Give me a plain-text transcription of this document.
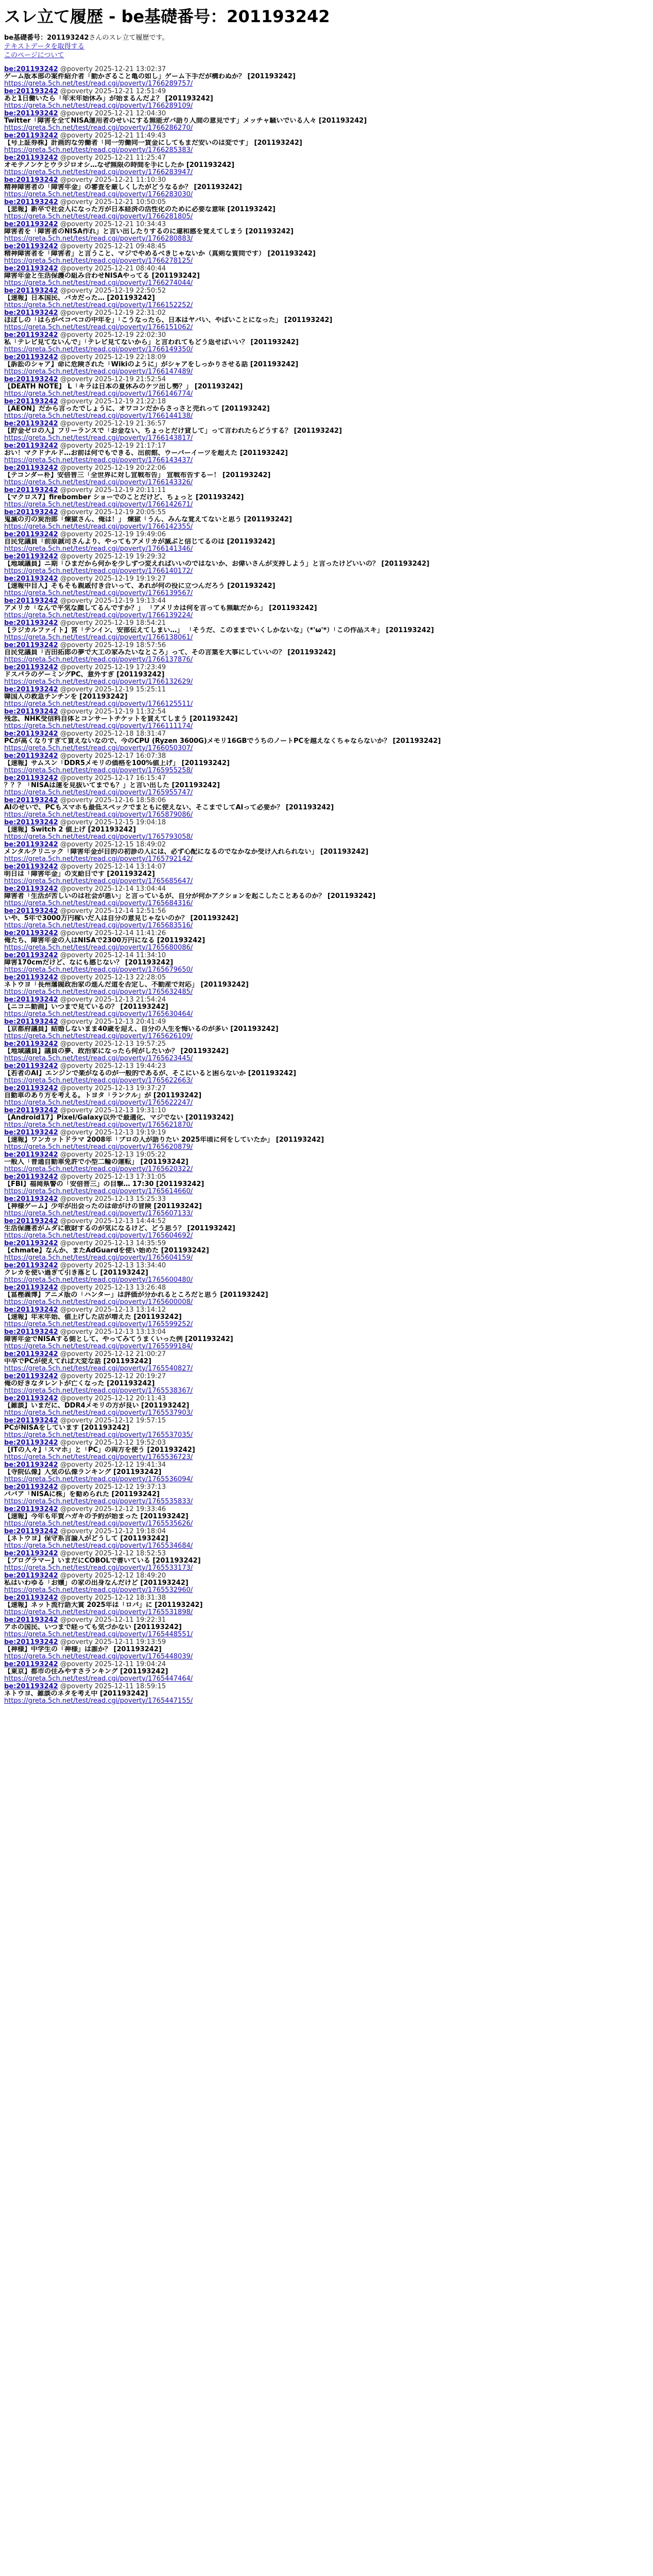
スレ立て履歴 - be基礎番号：201193242
be基礎番号：201193242さんのスレ立て履歴です。
テキストデータを取得する
このページについて
be:201193242 @poverty 2025-12-21 13:02:37
ゲーム版本部の案件紹介者「動かざること亀の如し」ゲーム下手だが構わぬか？ [201193242]
https://greta.5ch.net/test/read.cgi/poverty/1766289757/
be:201193242 @poverty 2025-12-21 12:51:49
あと1日働いたら「年末年始休み」が始まるんだよ？ [201193242]
https://greta.5ch.net/test/read.cgi/poverty/1766289109/
be:201193242 @poverty 2025-12-21 12:04:30
Twitter「障害を全てNISA運用者のせいにする無能ガバ語り人間の意見です」メッチャ騒いでいる人々 [201193242]
https://greta.5ch.net/test/read.cgi/poverty/1766286270/
be:201193242 @poverty 2025-12-21 11:49:43
【号上証券株】計画的な労働者「同一労働同一賃金にしてもまだ安いのは変です」 [201193242]
https://greta.5ch.net/test/read.cgi/poverty/1766285383/
be:201193242 @poverty 2025-12-21 11:25:47
オモテノンケとウラジロオシ…なぜ無限の時間を手にしたか [201193242]
https://greta.5ch.net/test/read.cgi/poverty/1766283947/
be:201193242 @poverty 2025-12-21 11:10:30
精神障害者の「障害年金」の審査を厳しくしたがどうなるか？ [201193242]
https://greta.5ch.net/test/read.cgi/poverty/1766283030/
be:201193242 @poverty 2025-12-21 10:50:05
【悲報】新卒で社会人になった方が日本経済の活性化のために必要な意味 [201193242]
https://greta.5ch.net/test/read.cgi/poverty/1766281805/
be:201193242 @poverty 2025-12-21 10:34:43
障害者を「障害者のNISA作れ」と言い出したりするのに違和感を覚えてしまう [201193242]
https://greta.5ch.net/test/read.cgi/poverty/1766280883/
be:201193242 @poverty 2025-12-21 09:48:45
精神障害者を「障害者」と言うこと、マジでやめるべきじゃないか（真剣な質問です） [201193242]
https://greta.5ch.net/test/read.cgi/poverty/1766278125/
be:201193242 @poverty 2025-12-21 08:40:44
障害年金と生活保護の組み合わせNISAやってる [201193242]
https://greta.5ch.net/test/read.cgi/poverty/1766274044/
be:201193242 @poverty 2025-12-19 22:50:52
【速報】日本国民、バカだった… [201193242]
https://greta.5ch.net/test/read.cgi/poverty/1766152252/
be:201193242 @poverty 2025-12-19 22:31:02
ほぼしの「はらがペコペコの中年を」「こうなったら、日本はヤバい、やばいことになった」 [201193242]
https://greta.5ch.net/test/read.cgi/poverty/1766151062/
be:201193242 @poverty 2025-12-19 22:02:30
私「テレビ見てないんで」「テレビ見てないから」と言われてもどう返せばいい？ [201193242]
https://greta.5ch.net/test/read.cgi/poverty/1766149350/
be:201193242 @poverty 2025-12-19 22:18:09
【訴訟のシャア】命に危険された「Wikiのように」がシャアをしっかりさせる話 [201193242]
https://greta.5ch.net/test/read.cgi/poverty/1766147489/
be:201193242 @poverty 2025-12-19 21:52:54
【DEATH NOTE】 L「キラは日本の夏休みのケツ出し勢？」 [201193242]
https://greta.5ch.net/test/read.cgi/poverty/1766146774/
be:201193242 @poverty 2025-12-19 21:22:18
【AEON】だから言ったでしょうに、オワコンだからさっさと売れって [201193242]
https://greta.5ch.net/test/read.cgi/poverty/1766144138/
be:201193242 @poverty 2025-12-19 21:36:57
【貯金ゼロの人】フリーランスで「お金ない、ちょっとだけ貸して」って言われたらどうする？ [201193242]
https://greta.5ch.net/test/read.cgi/poverty/1766143817/
be:201193242 @poverty 2025-12-19 21:17:17
おい！マクドナルド…お前は何でもできる、出前館、ウーバーイーツを超えた [201193242]
https://greta.5ch.net/test/read.cgi/poverty/1766143437/
be:201193242 @poverty 2025-12-19 20:22:06
【テコンダー朴】安倍晋三「全世界に対し宣戦布告」 宣戦布告するー！ [201193242]
https://greta.5ch.net/test/read.cgi/poverty/1766143326/
be:201193242 @poverty 2025-12-19 20:11:11
【マクロス7】firebomber ショーでのことだけど、ちょっと [201193242]
https://greta.5ch.net/test/read.cgi/poverty/1766142671/
be:201193242 @poverty 2025-12-19 20:05:55
鬼滅の刃の炭治郎「煉獄さん、俺は！」 煉獄「うん、みんな覚えてないと思う [201193242]
https://greta.5ch.net/test/read.cgi/poverty/1766142355/
be:201193242 @poverty 2025-12-19 19:49:06
自民党議員「前原誠司さんより、やってもアメリカが滅ぶと信じてるのは [201193242]
https://greta.5ch.net/test/read.cgi/poverty/1766141346/
be:201193242 @poverty 2025-12-19 19:29:32
【地域議員】ニ期「ひまだから何かを少しずつ変えればいいのではないか、お偉いさんが支持しよう」と言ったけどいいの？ [201193242]
https://greta.5ch.net/test/read.cgi/poverty/1766140172/
be:201193242 @poverty 2025-12-19 19:19:27
【速報中目人】そもそも親戚付き合いって、あれが何の役に立つんだろう [201193242]
https://greta.5ch.net/test/read.cgi/poverty/1766139567/
be:201193242 @poverty 2025-12-19 19:13:44
アメリカ「なんで平気な顔してるんですか？」 「アメリカは何を言っても無駄だから」 [201193242]
https://greta.5ch.net/test/read.cgi/poverty/1766139224/
be:201193242 @poverty 2025-12-19 18:54:21
【ラジカルファイト】宮「テンイン、安部伝えてしまい…」 「そうだ、このままでいくしかないな」（*'ω'*）「この作品スキ」 [201193242]
https://greta.5ch.net/test/read.cgi/poverty/1766138061/
be:201193242 @poverty 2025-12-19 18:57:56
自民党議員「吉田拓郎の夢で大工の家みたいなところ」って、その言葉を大事にしていいの？ [201193242]
https://greta.5ch.net/test/read.cgi/poverty/1766137876/
be:201193242 @poverty 2025-12-19 17:23:49
ドスパラのゲーミングPC、意外すぎ [201193242]
https://greta.5ch.net/test/read.cgi/poverty/1766132629/
be:201193242 @poverty 2025-12-19 15:25:11
韓国人の救急チンチンを [201193242]
https://greta.5ch.net/test/read.cgi/poverty/1766125511/
be:201193242 @poverty 2025-12-19 11:32:54
残念、NHK受信料自体とコンサートチケットを買えてしまう [201193242]
https://greta.5ch.net/test/read.cgi/poverty/1766111174/
be:201193242 @poverty 2025-12-18 18:31:47
PCが高くなりすぎて買えないなので、今のCPU (Ryzen 3600G)メモリ16GBでうちのノートPCを越えなくちゃならないか？ [201193242]
https://greta.5ch.net/test/read.cgi/poverty/1766050307/
be:201193242 @poverty 2025-12-17 16:07:38
【速報】サムスン「DDR5メモリの価格を100%値上げ」 [201193242]
https://greta.5ch.net/test/read.cgi/poverty/1765955258/
be:201193242 @poverty 2025-12-17 16:15:47
？？？「NISAは運を見抜いてまでも？」と言い出した [201193242]
https://greta.5ch.net/test/read.cgi/poverty/1765955747/
be:201193242 @poverty 2025-12-16 18:58:06
AIのせいで、PCもスマホも最低スペックでまともに使えない、そこまでしてAIって必要か？ [201193242]
https://greta.5ch.net/test/read.cgi/poverty/1765879086/
be:201193242 @poverty 2025-12-15 19:04:18
【速報】Switch 2 値上げ [201193242]
https://greta.5ch.net/test/read.cgi/poverty/1765793058/
be:201193242 @poverty 2025-12-15 18:49:02
メンタルクリニック「障害年金が目的の初診の人には、必ず心配になるのでなかなか受け入れられない」 [201193242]
https://greta.5ch.net/test/read.cgi/poverty/1765792142/
be:201193242 @poverty 2025-12-14 13:14:07
明日は「障害年金」の支給日です [201193242]
https://greta.5ch.net/test/read.cgi/poverty/1765685647/
be:201193242 @poverty 2025-12-14 13:04:44
障害者「生活が苦しいのは社会が悪い」と言っているが、自分が何かアクションを起こしたことあるのか？ [201193242]
https://greta.5ch.net/test/read.cgi/poverty/1765684316/
be:201193242 @poverty 2025-12-14 12:51:56
いや、5年で3000万円稼いだ人は自分の意見じゃないのか？ [201193242]
https://greta.5ch.net/test/read.cgi/poverty/1765683516/
be:201193242 @poverty 2025-12-14 11:41:26
俺たち、障害年金の人はNISAで2300万円になる [201193242]
https://greta.5ch.net/test/read.cgi/poverty/1765680086/
be:201193242 @poverty 2025-12-14 11:34:10
障害170cmだけど、なにも感じない？ [201193242]
https://greta.5ch.net/test/read.cgi/poverty/1765679650/
be:201193242 @poverty 2025-12-13 22:28:05
ネトウヨ「長州藩閥政治家の進んだ道を否定し、不動産で対応」 [201193242]
https://greta.5ch.net/test/read.cgi/poverty/1765632485/
be:201193242 @poverty 2025-12-13 21:54:24
【ニコニ動画】いつまで見ているの？ [201193242]
https://greta.5ch.net/test/read.cgi/poverty/1765630464/
be:201193242 @poverty 2025-12-13 20:41:49
【京都府議員】結婚しないまま40歳を迎え、自分の人生を悔いるのが多い [201193242]
https://greta.5ch.net/test/read.cgi/poverty/1765626109/
be:201193242 @poverty 2025-12-13 19:57:25
【地域議員】議員の夢、政治家になったら何がしたいか？ [201193242]
https://greta.5ch.net/test/read.cgi/poverty/1765623445/
be:201193242 @poverty 2025-12-13 19:44:23
【若者のAI】エンジンで楽がなるのが一般的であるが、そこにいると困らないか [201193242]
https://greta.5ch.net/test/read.cgi/poverty/1765622663/
be:201193242 @poverty 2025-12-13 19:37:27
自動車のあり方を考える。トヨタ「ランクル」が [201193242]
https://greta.5ch.net/test/read.cgi/poverty/1765622247/
be:201193242 @poverty 2025-12-13 19:31:10
【Android17】Pixel/Galaxy以外で最適化、マジでない [201193242]
https://greta.5ch.net/test/read.cgi/poverty/1765621870/
be:201193242 @poverty 2025-12-13 19:19:19
【速報】ワンカットドラマ 2008年「プロの人が語りたい 2025年頃に何をしていたか」 [201193242]
https://greta.5ch.net/test/read.cgi/poverty/1765620879/
be:201193242 @poverty 2025-12-13 19:05:22
一般人「普通自動車免許で小型二輪の運転」 [201193242]
https://greta.5ch.net/test/read.cgi/poverty/1765620322/
be:201193242 @poverty 2025-12-13 17:31:05
【FBI】福岡県警の「安倍晋三」の目撃… 17:30 [201193242]
https://greta.5ch.net/test/read.cgi/poverty/1765614660/
be:201193242 @poverty 2025-12-13 15:25:33
【神様ゲーム】少年が出会ったのは命がけの冒険 [201193242]
https://greta.5ch.net/test/read.cgi/poverty/1765607133/
be:201193242 @poverty 2025-12-13 14:44:52
生活保護者がムダに散財するのが気になるけど、どう思う？ [201193242]
https://greta.5ch.net/test/read.cgi/poverty/1765604692/
be:201193242 @poverty 2025-12-13 14:35:59
【chmate】なんか、またAdGuardを使い始めた [201193242]
https://greta.5ch.net/test/read.cgi/poverty/1765604159/
be:201193242 @poverty 2025-12-13 13:34:40
クレカを使い過ぎて引き落とし [201193242]
https://greta.5ch.net/test/read.cgi/poverty/1765600480/
be:201193242 @poverty 2025-12-13 13:26:48
【冨樫義博】アニメ版の「ハンター」は評価が分かれるところだと思う [201193242]
https://greta.5ch.net/test/read.cgi/poverty/1765600008/
be:201193242 @poverty 2025-12-13 13:14:12
【速報】年末年始、値上げした店が増えた [201193242]
https://greta.5ch.net/test/read.cgi/poverty/1765599252/
be:201193242 @poverty 2025-12-13 13:13:04
障害年金でNISAする側として、やってみてうまくいった例 [201193242]
https://greta.5ch.net/test/read.cgi/poverty/1765599184/
be:201193242 @poverty 2025-12-12 21:00:27
中卒でPCが使えてれば大変な話 [201193242]
https://greta.5ch.net/test/read.cgi/poverty/1765540827/
be:201193242 @poverty 2025-12-12 20:19:27
俺の好きなタレントが亡くなった [201193242]
https://greta.5ch.net/test/read.cgi/poverty/1765538367/
be:201193242 @poverty 2025-12-12 20:11:43
【雑談】いまだに、DDR4メモリの方が良い [201193242]
https://greta.5ch.net/test/read.cgi/poverty/1765537903/
be:201193242 @poverty 2025-12-12 19:57:15
PCがNISAをしています [201193242]
https://greta.5ch.net/test/read.cgi/poverty/1765537035/
be:201193242 @poverty 2025-12-12 19:52:03
【ITの人々】「スマホ」と「PC」の両方を使う [201193242]
https://greta.5ch.net/test/read.cgi/poverty/1765536723/
be:201193242 @poverty 2025-12-12 19:41:34
【寺院仏像】人気の仏像ランキング [201193242]
https://greta.5ch.net/test/read.cgi/poverty/1765536094/
be:201193242 @poverty 2025-12-12 19:37:13
ババア「NISAに株」を勧められた [201193242]
https://greta.5ch.net/test/read.cgi/poverty/1765535833/
be:201193242 @poverty 2025-12-12 19:33:46
【速報】今年も年賀ハガキの予約が始まった [201193242]
https://greta.5ch.net/test/read.cgi/poverty/1765535626/
be:201193242 @poverty 2025-12-12 19:18:04
【ネトウヨ】保守系言論人がどうして [201193242]
https://greta.5ch.net/test/read.cgi/poverty/1765534684/
be:201193242 @poverty 2025-12-12 18:52:53
【プログラマー】いまだにCOBOLで書いている [201193242]
https://greta.5ch.net/test/read.cgi/poverty/1765533173/
be:201193242 @poverty 2025-12-12 18:49:20
私はいわゆる「お嬢」の家の出身なんだけど [201193242]
https://greta.5ch.net/test/read.cgi/poverty/1765532960/
be:201193242 @poverty 2025-12-12 18:31:38
【速報】ネット流行語大賞 2025年は「ロバ」に [201193242]
https://greta.5ch.net/test/read.cgi/poverty/1765531898/
be:201193242 @poverty 2025-12-11 19:22:31
アホの国民、いつまで経っても気づかない [201193242]
https://greta.5ch.net/test/read.cgi/poverty/1765448551/
be:201193242 @poverty 2025-12-11 19:13:59
【神様】中学生の「神様」は誰か？ [201193242]
https://greta.5ch.net/test/read.cgi/poverty/1765448039/
be:201193242 @poverty 2025-12-11 19:04:24
【東京】都市の住みやすさランキング [201193242]
https://greta.5ch.net/test/read.cgi/poverty/1765447464/
be:201193242 @poverty 2025-12-11 18:59:15
ネトウヨ、雑談のネタを考え中 [201193242]
https://greta.5ch.net/test/read.cgi/poverty/1765447155/
